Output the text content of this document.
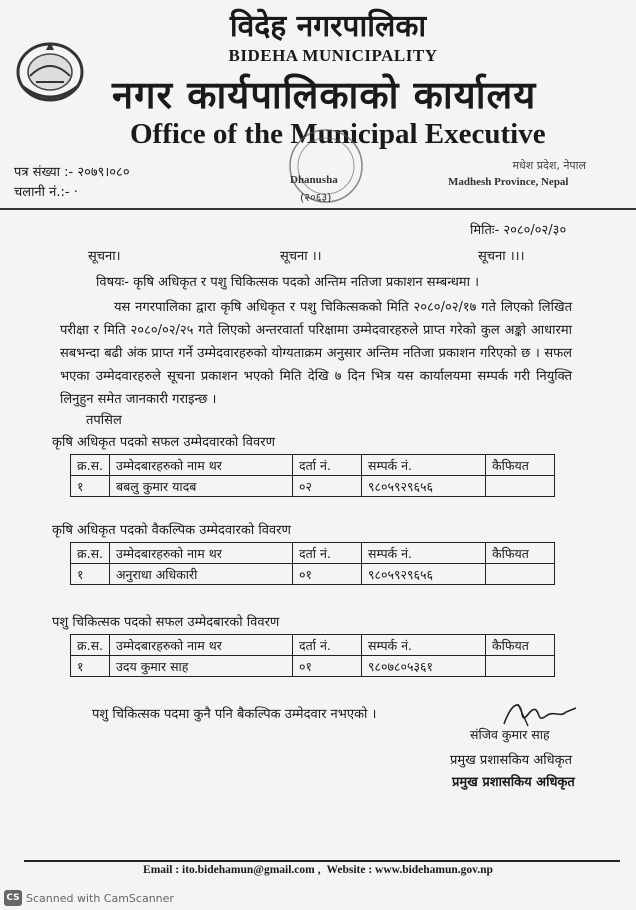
विदेह नगरपालिका
BIDEHA MUNICIPALITY
नगर कार्यपालिकाको कार्यालय
Office of the Municipal Executive
Dhanusha
(२०६३)
पत्र संख्या :- २०७९।०८०
चलानी नं.:- ·
मधेश प्रदेश, नेपाल
Madhesh Province, Nepal
मितिः- २०८०/०२/३०
सूचना।	सूचना ।।	सूचना ।।।
विषयः- कृषि अधिकृत र पशु चिकित्सक पदको अन्तिम नतिजा प्रकाशन सम्बन्धमा ।

यस नगरपालिका द्वारा कृषि अधिकृत र पशु चिकित्सकको मिति २०८०/०२/१७ गते लिएको लिखित परीक्षा र मिति २०८०/०२/२५ गते लिएको अन्तरवार्ता परिक्षामा उम्मेदवारहरुले प्राप्त गरेको कुल अङ्को आधारमा सबभन्दा बढी अंक प्राप्त गर्ने उम्मेदवारहरुको योग्यताक्रम अनुसार अन्तिम नतिजा प्रकाशन गरिएको छ । सफल भएका उम्मेदवारहरुले सूचना प्रकाशन भएको मिति देखि ७ दिन भित्र यस कार्यालयमा सम्पर्क गरी नियुक्ति लिनुहुन समेत जानकारी गराइन्छ ।

तपसिल
कृषि अधिकृत पदको सफल उम्मेदवारको विवरण
क्र.स.	उम्मेदबारहरुको नाम थर	दर्ता नं.	सम्पर्क नं.	कैफियत
१	बबलु कुमार यादब	०२	९८०५९२९६५६	
कृषि अधिकृत पदको वैकल्पिक उम्मेदवारको विवरण
क्र.स.	उम्मेदबारहरुको नाम थर	दर्ता नं.	सम्पर्क नं.	कैफियत
१	अनुराधा अधिकारी	०१	९८०५९२९६५६	
पशु चिकित्सक पदको सफल उम्मेदबारको विवरण
क्र.स.	उम्मेदबारहरुको नाम थर	दर्ता नं.	सम्पर्क नं.	कैफियत
१	उदय कुमार साह	०१	९८०७८०५३६१	
पशु चिकित्सक पदमा कुनै पनि बैकल्पिक उम्मेदवार नभएको ।
संजिव कुमार साह
प्रमुख प्रशासकिय अधिकृत
प्रमुख प्रशासकिय अधिकृत
Email : ito.bidehamun@gmail.com , Website : www.bidehamun.gov.np
CS Scanned with CamScanner
